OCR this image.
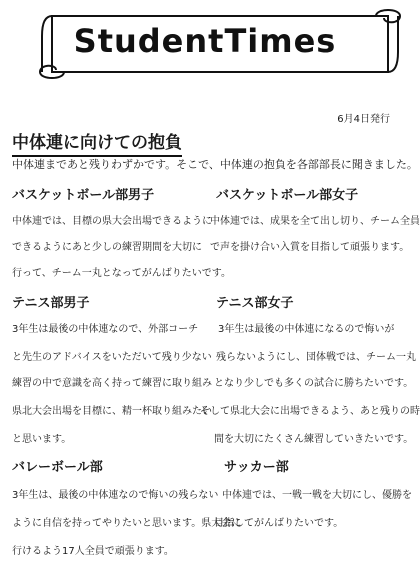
StudentTimes
6月4日発行
中体連に向けての抱負
中体連まであと残りわずかです。そこで、中体連の抱負を各部部長に聞きました。
バスケットボール部男子
中体連では、目標の県大会出場できるように
できるようにあと少しの練習期間を大切に
行って、チーム一丸となってがんばりたいです。
バスケットボール部女子
中体連では、成果を全て出し切り、チーム全員
で声を掛け合い入賞を目指して頑張ります。
テニス部男子
3年生は最後の中体連なので、外部コーチ
と先生のアドバイスをいただいて残り少ない
練習の中で意識を高く持って練習に取り組み
県北大会出場を目標に、精一杯取り組みたい
と思います。
テニス部女子
3年生は最後の中体連になるので悔いが
残らないようにし、団体戦では、チーム一丸
となり少しでも多くの試合に勝ちたいです。
そして県北大会に出場できるよう、あと残りの時
間を大切にたくさん練習していきたいです。
バレーボール部
3年生は、最後の中体連なので悔いの残らない
ように自信を持ってやりたいと思います。県大会に
行けるよう17人全員で頑張ります。
サッカー部
中体連では、一戦一戦を大切にし、優勝を
目指してがんばりたいです。
